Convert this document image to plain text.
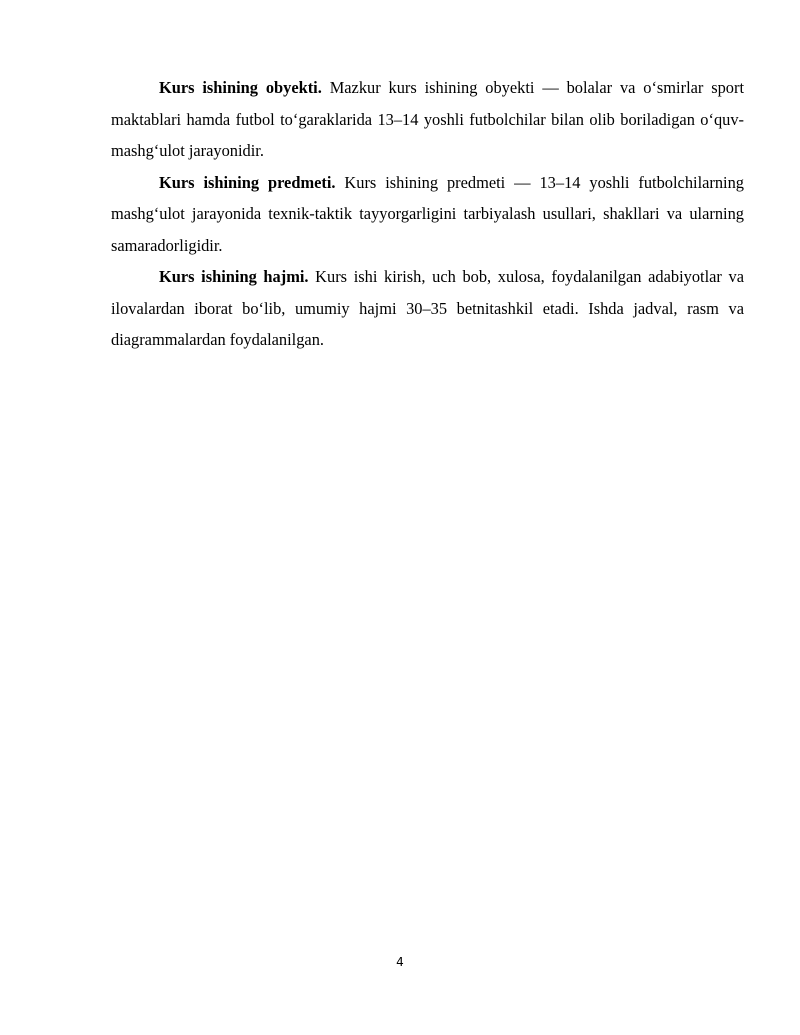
Kurs ishining obyekti. Mazkur kurs ishining obyekti — bolalar va o‘smirlar sport maktablari hamda futbol to‘garaklarida 13–14 yoshli futbolchilar bilan olib boriladigan o‘quv-mashg‘ulot jarayonidir.

Kurs ishining predmeti. Kurs ishining predmeti — 13–14 yoshli futbolchilarning mashg‘ulot jarayonida texnik-taktik tayyorgarligini tarbiyalash usullari, shakllari va ularning samaradorligidir.

Kurs ishining hajmi. Kurs ishi kirish, uch bob, xulosa, foydalanilgan adabiyotlar va ilovalardan iborat bo‘lib, umumiy hajmi 30–35 betnitashkil etadi. Ishda jadval, rasm va diagrammalardan foydalanilgan.

4
